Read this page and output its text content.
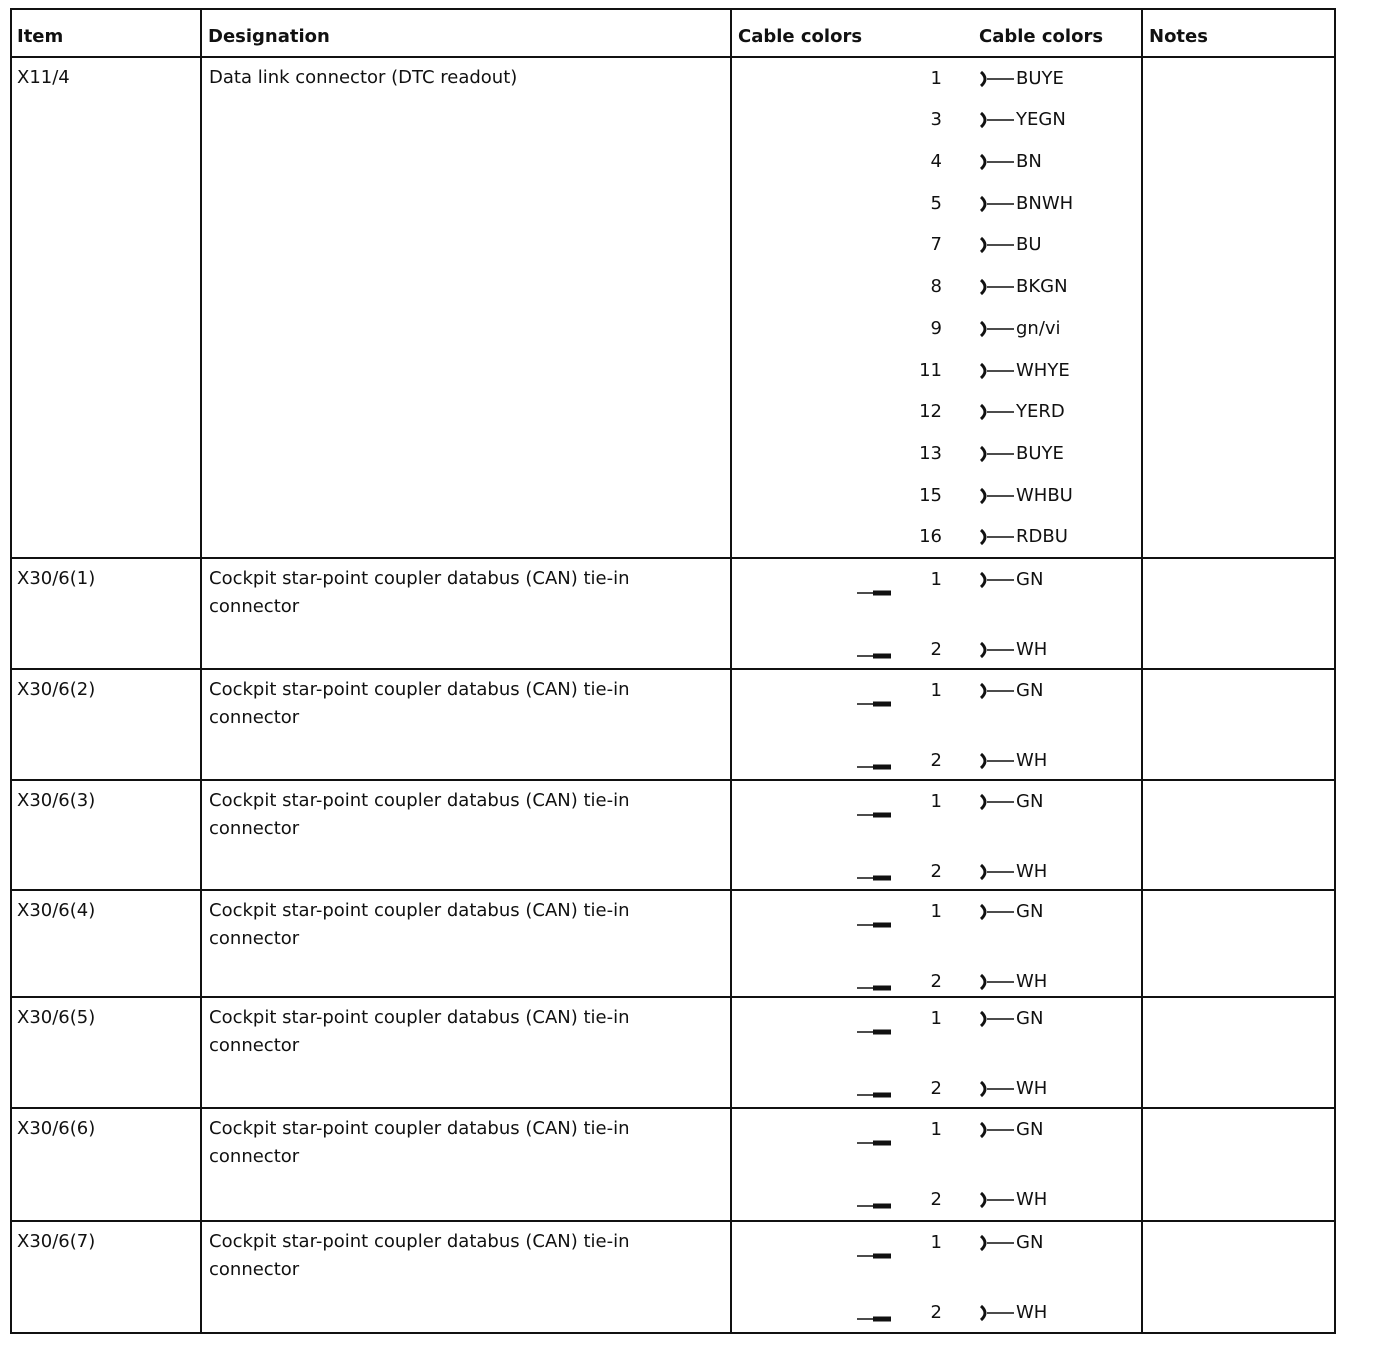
Item	Designation	Cable colors	Cable colors	Notes
X11/4	Data link connector (DTC readout)	1	BUYE
3	YEGN
4	BN
5	BNWH
7	BU
8	BKGN
9	gn/vi
11	WHYE
12	YERD
13	BUYE
15	WHBU
16	RDBU
X30/6(1)	Cockpit star-point coupler databus (CAN) tie-in connector
1	GN
2	WH
X30/6(2)	Cockpit star-point coupler databus (CAN) tie-in connector
1	GN
2	WH
X30/6(3)	Cockpit star-point coupler databus (CAN) tie-in connector
1	GN
2	WH
X30/6(4)	Cockpit star-point coupler databus (CAN) tie-in connector
1	GN
2	WH
X30/6(5)	Cockpit star-point coupler databus (CAN) tie-in connector
1	GN
2	WH
X30/6(6)	Cockpit star-point coupler databus (CAN) tie-in connector
1	GN
2	WH
X30/6(7)	Cockpit star-point coupler databus (CAN) tie-in connector
1	GN
2	WH
